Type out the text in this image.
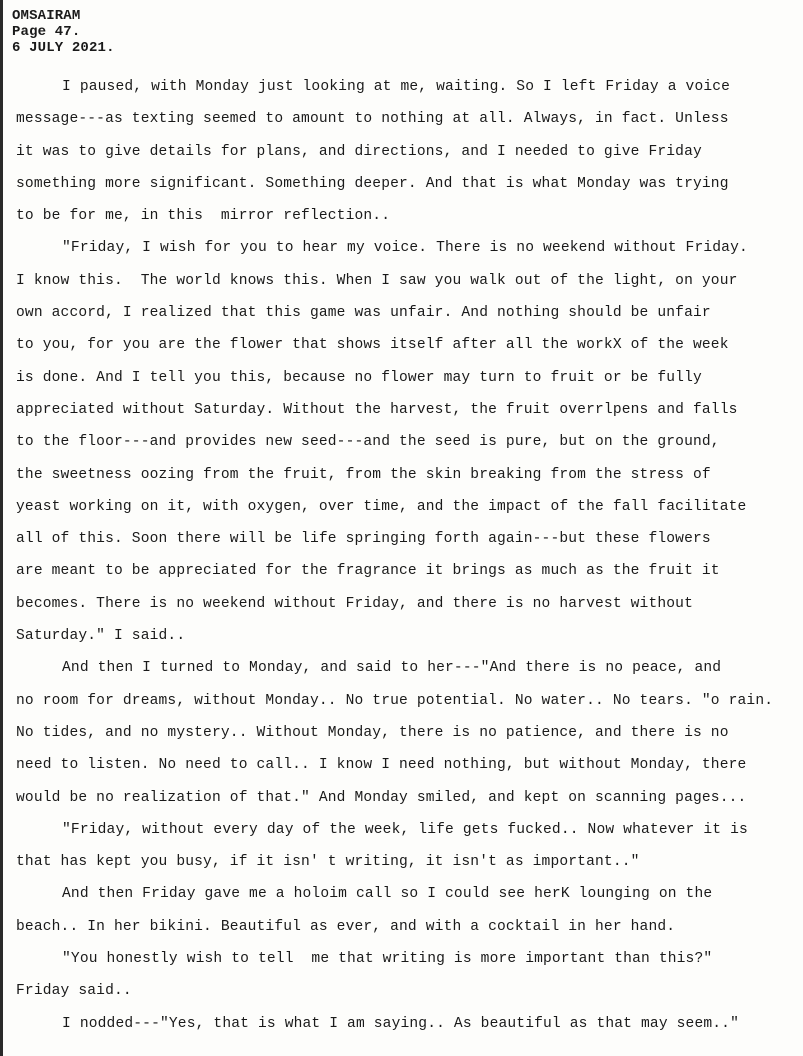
OMSAIRAM
Page 47.
6 JULY 2021.
I paused, with Monday just looking at me, waiting. So I left Friday a voice
message---as texting seemed to amount to nothing at all. Always, in fact. Unless
it was to give details for plans, and directions, and I needed to give Friday
something more significant. Something deeper. And that is what Monday was trying
to be for me, in this  mirror reflection..
"Friday, I wish for you to hear my voice. There is no weekend without Friday.
I know this.  The world knows this. When I saw you walk out of the light, on your
own accord, I realized that this game was unfair. And nothing should be unfair
to you, for you are the flower that shows itself after all the workX of the week
is done. And I tell you this, because no flower may turn to fruit or be fully
appreciated without Saturday. Without the harvest, the fruit overrlpens and falls
to the floor---and provides new seed---and the seed is pure, but on the ground,
the sweetness oozing from the fruit, from the skin breaking from the stress of
yeast working on it, with oxygen, over time, and the impact of the fall facilitate
all of this. Soon there will be life springing forth again---but these flowers
are meant to be appreciated for the fragrance it brings as much as the fruit it
becomes. There is no weekend without Friday, and there is no harvest without
Saturday." I said..
And then I turned to Monday, and said to her---"And there is no peace, and
no room for dreams, without Monday.. No true potential. No water.. No tears. "o rain.
No tides, and no mystery.. Without Monday, there is no patience, and there is no
need to listen. No need to call.. I know I need nothing, but without Monday, there
would be no realization of that." And Monday smiled, and kept on scanning pages...
"Friday, without every day of the week, life gets fucked.. Now whatever it is
that has kept you busy, if it isn' t writing, it isn't as important.."
And then Friday gave me a holoim call so I could see herK lounging on the
beach.. In her bikini. Beautiful as ever, and with a cocktail in her hand.
"You honestly wish to tell  me that writing is more important than this?"
Friday said..
I nodded---"Yes, that is what I am saying.. As beautiful as that may seem.."
